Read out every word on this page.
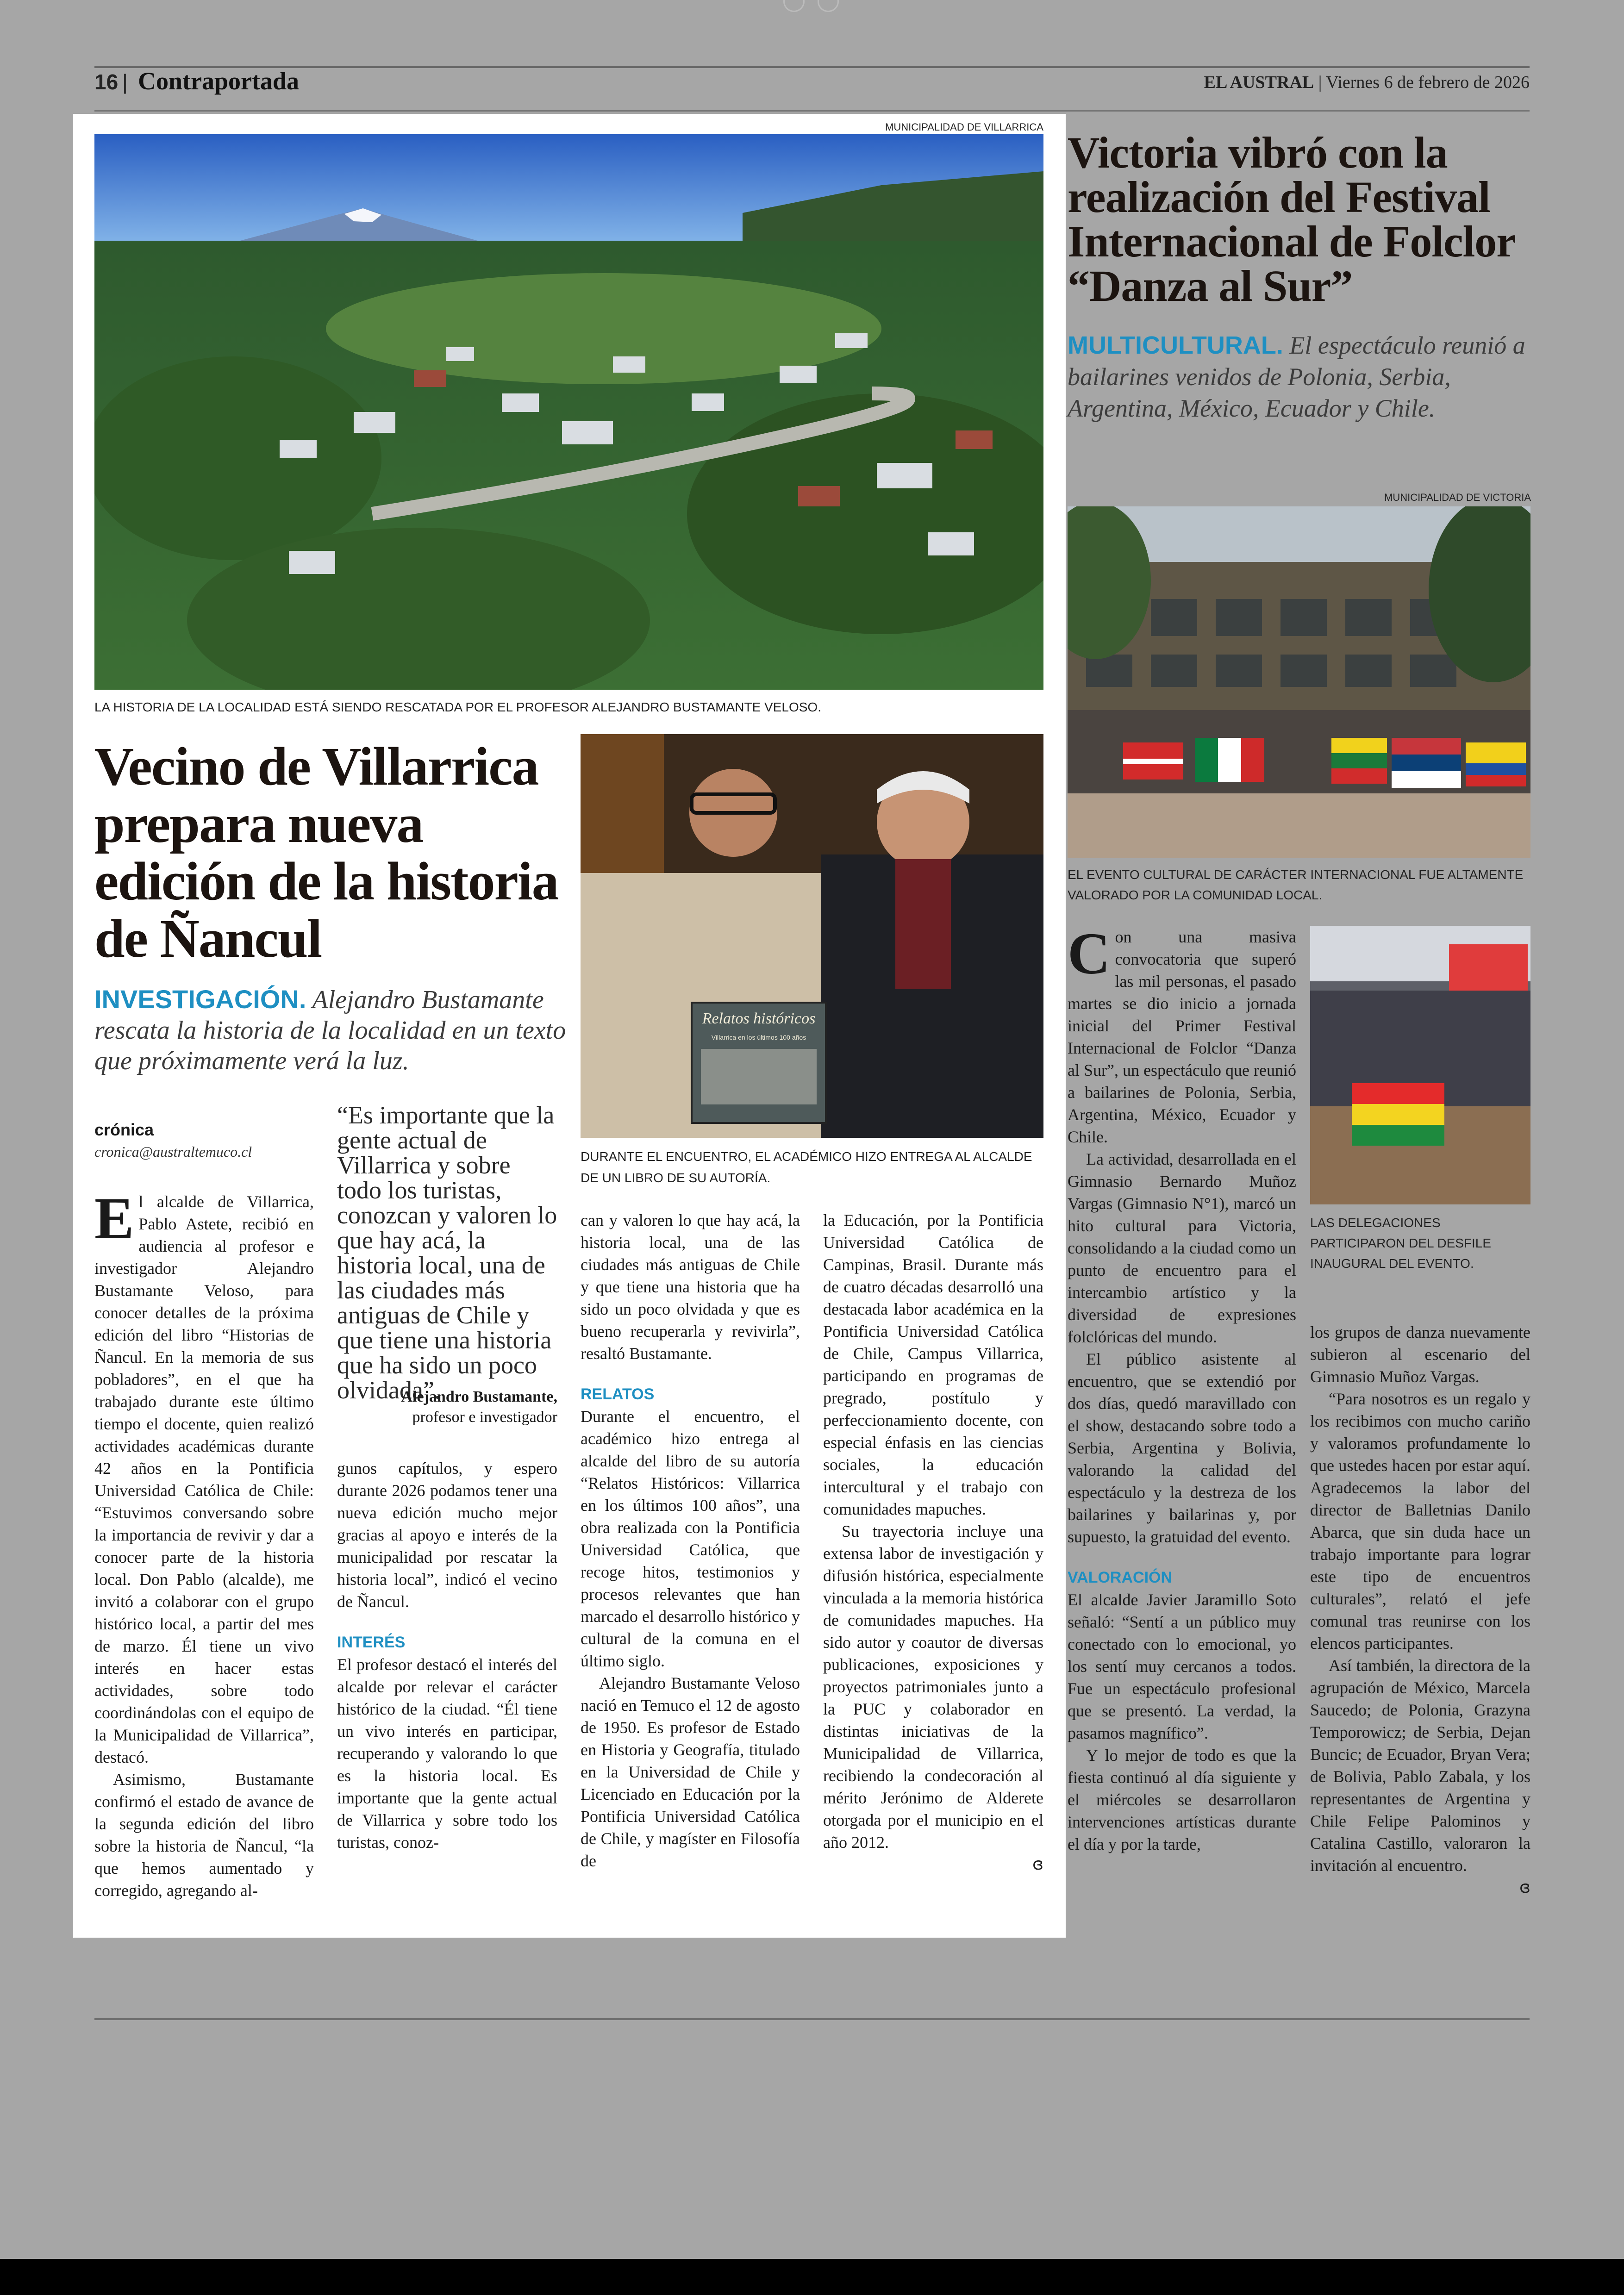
16 | Contraportada	EL AUSTRAL | Viernes 6 de febrero de 2026
MUNICIPALIDAD DE VILLARRICA
LA HISTORIA DE LA LOCALIDAD ESTÁ SIENDO RESCATADA POR EL PROFESOR ALEJANDRO BUSTAMANTE VELOSO.
Vecino de Villarrica prepara nueva edición de la historia de Ñancul
INVESTIGACIÓN. Alejandro Bustamante rescata la historia de la localidad en un texto que próximamente verá la luz.
Relatos históricos
Villarrica en los últimos 100 años
DURANTE EL ENCUENTRO, EL ACADÉMICO HIZO ENTREGA AL ALCALDE DE UN LIBRO DE SU AUTORÍA.
crónica
cronica@australtemuco.cl
“Es importante que la gente actual de Villarrica y sobre todo los turistas, conozcan y valoren lo que hay acá, la historia local, una de las ciudades más antiguas de Chile y que tiene una historia que ha sido un poco olvidada”.
Alejandro Bustamante,
profesor e investigador

El alcalde de Villarrica, Pablo Astete, recibió en audiencia al profesor e investigador Alejandro Bustamante Veloso, para conocer detalles de la próxima edición del libro “Historias de Ñancul. En la memoria de sus pobladores”, en el que ha trabajado durante este último tiempo el docente, quien realizó actividades académicas durante 42 años en la Pontificia Universidad Católica de Chile: “Estuvimos conversando sobre la importancia de revivir y dar a conocer parte de la historia local. Don Pablo (alcalde), me invitó a colaborar con el grupo histórico local, a partir del mes de marzo. Él tiene un vivo interés en hacer estas actividades, sobre todo coordinándolas con el equipo de la Municipalidad de Villarrica”, destacó.

Asimismo, Bustamante confirmó el estado de avance de la segunda edición del libro sobre la historia de Ñancul, “la que hemos aumentado y corregido, agregando al-

gunos capítulos, y espero durante 2026 podamos tener una nueva edición mucho mejor gracias al apoyo e interés de la municipalidad por rescatar la historia local”, indicó el vecino de Ñancul.

INTERÉS

El profesor destacó el interés del alcalde por relevar el carácter histórico de la ciudad. “Él tiene un vivo interés en participar, recuperando y valorando lo que es la historia local. Es importante que la gente actual de Villarrica y sobre todo los turistas, conoz-

can y valoren lo que hay acá, la historia local, una de las ciudades más antiguas de Chile y que tiene una historia que ha sido un poco olvidada y que es bueno recuperarla y revivirla”, resaltó Bustamante.

RELATOS

Durante el encuentro, el académico hizo entrega al alcalde del libro de su autoría “Relatos Históricos: Villarrica en los últimos 100 años”, una obra realizada con la Pontificia Universidad Católica, que recoge hitos, testimonios y procesos relevantes que han marcado el desarrollo histórico y cultural de la comuna en el último siglo.

Alejandro Bustamante Veloso nació en Temuco el 12 de agosto de 1950. Es profesor de Estado en Historia y Geografía, titulado en la Universidad de Chile y Licenciado en Educación por la Pontificia Universidad Católica de Chile, y magíster en Filosofía de

la Educación, por la Pontificia Universidad Católica de Campinas, Brasil. Durante más de cuatro décadas desarrolló una destacada labor académica en la Pontificia Universidad Católica de Chile, Campus Villarrica, participando en programas de pregrado, postítulo y perfeccionamiento docente, con especial énfasis en las ciencias sociales, la educación intercultural y el trabajo con comunidades mapuches.

Su trayectoria incluye una extensa labor de investigación y difusión histórica, especialmente vinculada a la memoria histórica de comunidades mapuches. Ha sido autor y coautor de diversas publicaciones, exposiciones y proyectos patrimoniales junto a la PUC y colaborador en distintas iniciativas de la Municipalidad de Villarrica, recibiendo la condecoración al mérito Jerónimo de Alderete otorgada por el municipio en el año 2012.

ɞ
Victoria vibró con la realización del Festival Internacional de Folclor “Danza al Sur”
MULTICULTURAL. El espectáculo reunió a bailarines venidos de Polonia, Serbia, Argentina, México, Ecuador y Chile.
MUNICIPALIDAD DE VICTORIA
EL EVENTO CULTURAL DE CARÁCTER INTERNACIONAL FUE ALTAMENTE VALORADO POR LA COMUNIDAD LOCAL.
LAS DELEGACIONES PARTICIPARON DEL DESFILE INAUGURAL DEL EVENTO.

Con una masiva convocatoria que superó las mil personas, el pasado martes se dio inicio a jornada inicial del Primer Festival Internacional de Folclor “Danza al Sur”, un espectáculo que reunió a bailarines de Polonia, Serbia, Argentina, México, Ecuador y Chile.

La actividad, desarrollada en el Gimnasio Bernardo Muñoz Vargas (Gimnasio N°1), marcó un hito cultural para Victoria, consolidando a la ciudad como un punto de encuentro para el intercambio artístico y la diversidad de expresiones folclóricas del mundo.

El público asistente al encuentro, que se extendió por dos días, quedó maravillado con el show, destacando sobre todo a Serbia, Argentina y Bolivia, valorando la calidad del espectáculo y la destreza de los bailarines y bailarinas y, por supuesto, la gratuidad del evento.

VALORACIÓN

El alcalde Javier Jaramillo Soto señaló: “Sentí a un público muy conectado con lo emocional, yo los sentí muy cercanos a todos. Fue un espectáculo profesional que se presentó. La verdad, la pasamos magnífico”.

Y lo mejor de todo es que la fiesta continuó al día siguiente y el miércoles se desarrollaron intervenciones artísticas durante el día y por la tarde,

los grupos de danza nuevamente subieron al escenario del Gimnasio Muñoz Vargas.

“Para nosotros es un regalo y los recibimos con mucho cariño y valoramos profundamente lo que ustedes hacen por estar aquí. Agradecemos la labor del director de Balletnias Danilo Abarca, que sin duda hace un trabajo importante para lograr este tipo de encuentros culturales”, relató el jefe comunal tras reunirse con los elencos participantes.

Así también, la directora de la agrupación de México, Marcela Saucedo; de Polonia, Grazyna Temporowicz; de Serbia, Dejan Buncic; de Ecuador, Bryan Vera; de Bolivia, Pablo Zabala, y los representantes de Argentina y Chile Felipe Palominos y Catalina Castillo, valoraron la invitación al encuentro.

ɞ
